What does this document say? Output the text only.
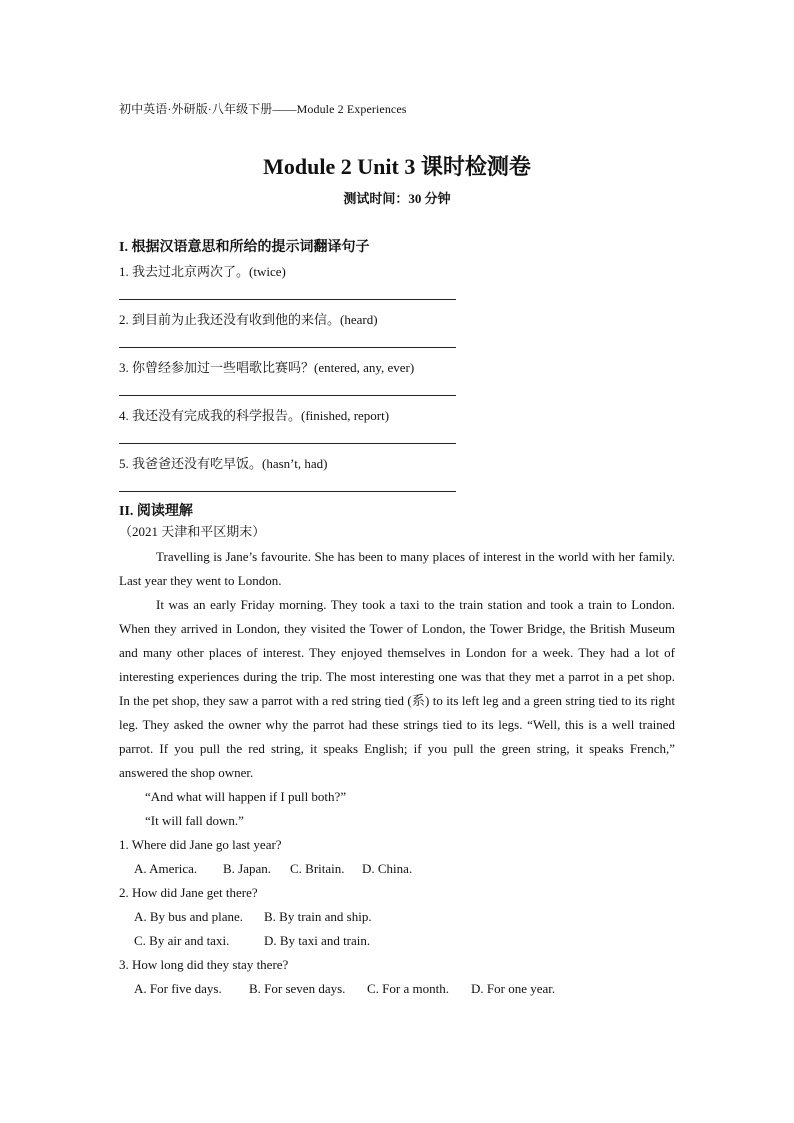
初中英语·外研版·八年级下册——Module 2 Experiences
Module 2 Unit 3 课时检测卷
测试时间：30 分钟
I. 根据汉语意思和所给的提示词翻译句子
1. 我去过北京两次了。(twice)
2. 到目前为止我还没有收到他的来信。(heard)
3. 你曾经参加过一些唱歌比赛吗？(entered, any, ever)
4. 我还没有完成我的科学报告。(finished, report)
5. 我爸爸还没有吃早饭。(hasn’t, had)
II. 阅读理解
（2021 天津和平区期末）

Travelling is Jane’s favourite. She has been to many places of interest in the world with her family. Last year they went to London.

It was an early Friday morning. They took a taxi to the train station and took a train to London. When they arrived in London, they visited the Tower of London, the Tower Bridge, the British Museum and many other places of interest. They enjoyed themselves in London for a week. They had a lot of interesting experiences during the trip. The most interesting one was that they met a parrot in a pet shop. In the pet shop, they saw a parrot with a red string tied (系) to its left leg and a green string tied to its right leg. They asked the owner why the parrot had these strings tied to its legs. “Well, this is a well trained parrot. If you pull the red string, it speaks English; if you pull the green string, it speaks French,” answered the shop owner.

“And what will happen if I pull both?”

“It will fall down.”

1. Where did Jane go last year?

A. America. B. Japan. C. Britain. D. China.

2. How did Jane get there?

A. By bus and plane. B. By train and ship.

C. By air and taxi.	D. By taxi and train.

3. How long did they stay there?

A. For five days. B. For seven days. C. For a month. D. For one year.
